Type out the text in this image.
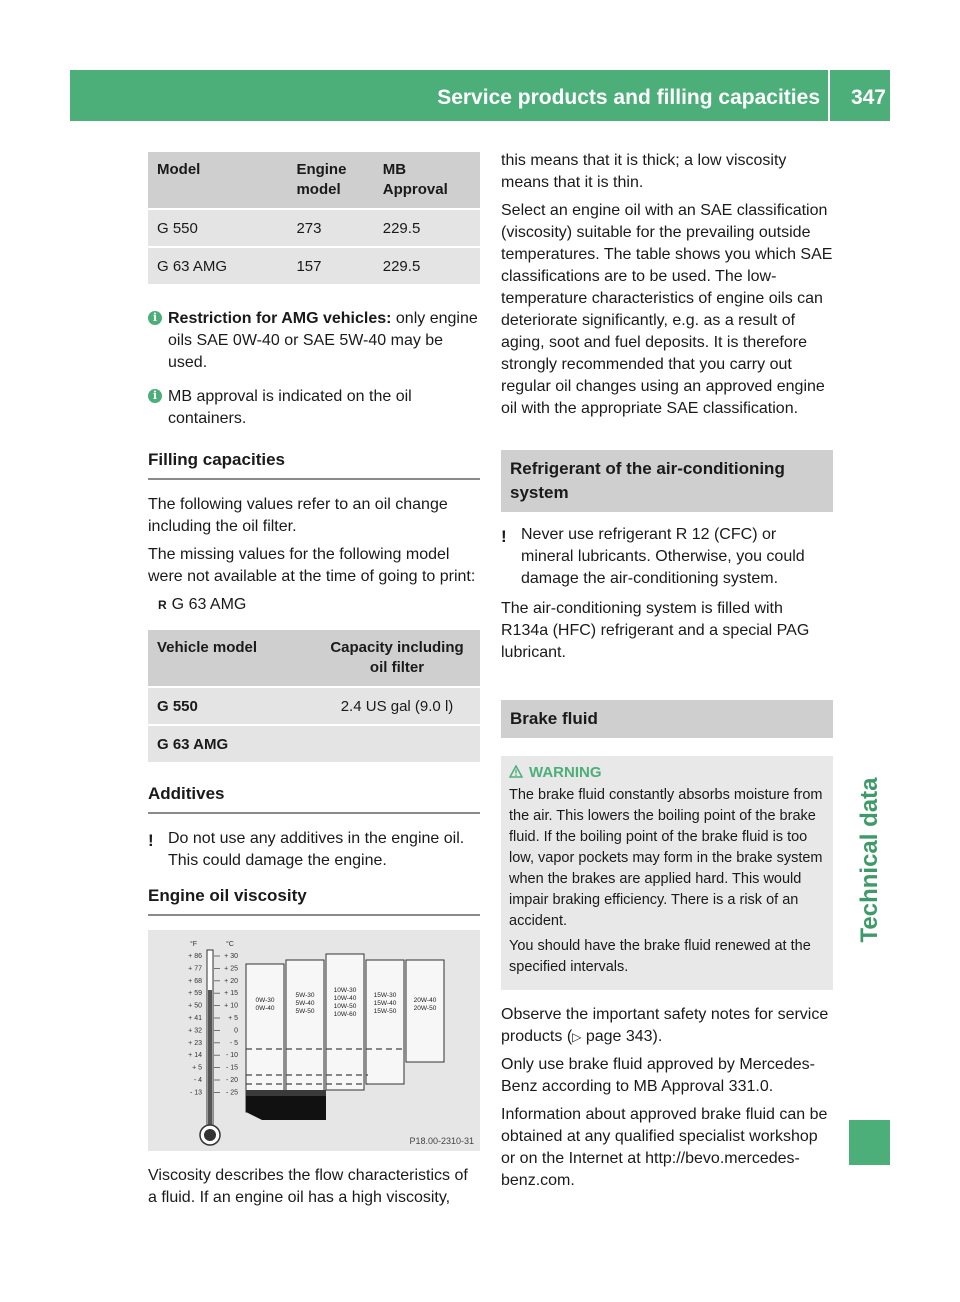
Service products and filling capacities 347
Technical data
Model	Engine model	MB Approval
G 550	273	229.5
G 63 AMG	157	229.5
i Restriction for AMG vehicles: only engine oils SAE 0W-40 or SAE 5W-40 may be used.
i MB approval is indicated on the oil containers.
Filling capacities

The following values refer to an oil change including the oil filter.

The missing values for the following model were not available at the time of going to print:

R G 63 AMG
Vehicle model	Capacity including oil filter
G 550	2.4 US gal (9.0 l)
G 63 AMG	
Additives
! Do not use any additives in the engine oil. This could damage the engine.
Engine oil viscosity
°F	°C
+ 86	+ 30
+ 77	+ 25
+ 68	+ 20
+ 59	+ 15
+ 50	+ 10
+ 41	+ 5
+ 32	0
+ 23	- 5
+ 14	- 10
+ 5	- 15
- 4	- 20
- 13	- 25
0W-30
0W-40
5W-30
5W-40
5W-50
10W-30
10W-40
10W-50
10W-60
15W-30
15W-40
15W-50
20W-40
20W-50
P18.00-2310-31

Viscosity describes the flow characteristics of a fluid. If an engine oil has a high viscosity,

this means that it is thick; a low viscosity means that it is thin.

Select an engine oil with an SAE classification (viscosity) suitable for the prevailing outside temperatures. The table shows you which SAE classifications are to be used. The low-temperature characteristics of engine oils can deteriorate significantly, e.g. as a result of aging, soot and fuel deposits. It is therefore strongly recommended that you carry out regular oil changes using an approved engine oil with the appropriate SAE classification.

Refrigerant of the air-conditioning system
! Never use refrigerant R 12 (CFC) or mineral lubricants. Otherwise, you could damage the air-conditioning system.

The air-conditioning system is filled with R134a (HFC) refrigerant and a special PAG lubricant.

Brake fluid
WARNING

The brake fluid constantly absorbs moisture from the air. This lowers the boiling point of the brake fluid. If the boiling point of the brake fluid is too low, vapor pockets may form in the brake system when the brakes are applied hard. This would impair braking efficiency. There is a risk of an accident.

You should have the brake fluid renewed at the specified intervals.

Observe the important safety notes for service products (▷ page 343).

Only use brake fluid approved by Mercedes-Benz according to MB Approval 331.0.

Information about approved brake fluid can be obtained at any qualified specialist workshop or on the Internet at http://bevo.mercedes-benz.com.
